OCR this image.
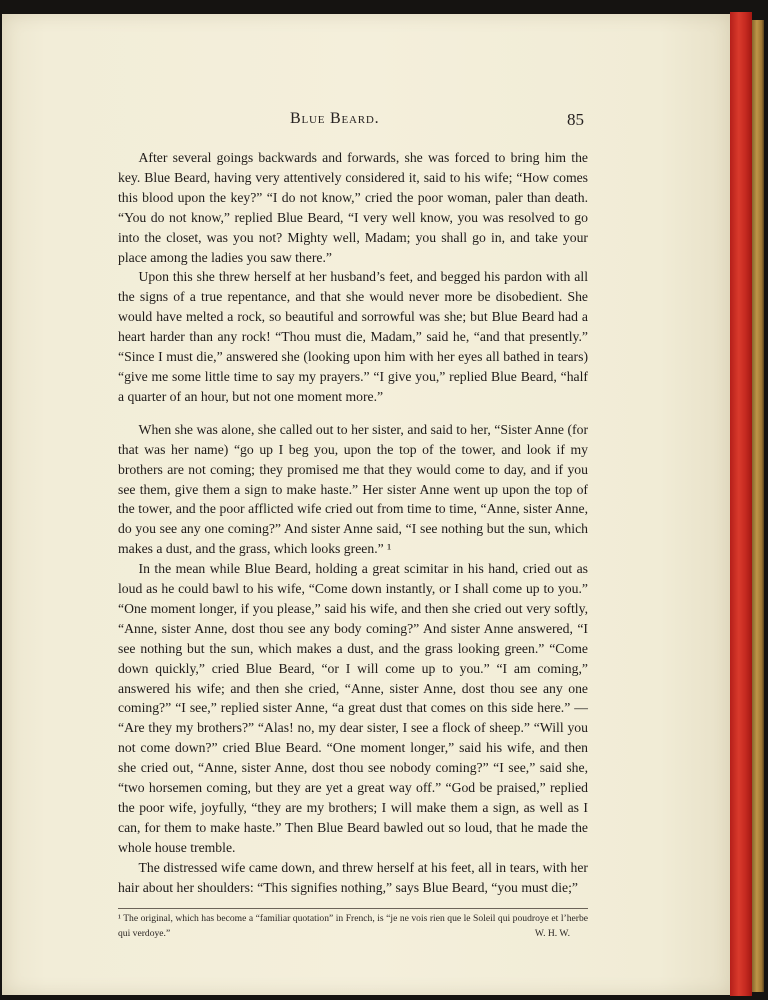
Blue Beard.	85

After several goings backwards and forwards, she was forced to bring him the key. Blue Beard, having very attentively considered it, said to his wife; “How comes this blood upon the key?” “I do not know,” cried the poor woman, paler than death. “You do not know,” replied Blue Beard, “I very well know, you was resolved to go into the closet, was you not? Mighty well, Madam; you shall go in, and take your place among the ladies you saw there.”

Upon this she threw herself at her husband’s feet, and begged his pardon with all the signs of a true repentance, and that she would never more be disobedient. She would have melted a rock, so beautiful and sorrowful was she; but Blue Beard had a heart harder than any rock! “Thou must die, Madam,” said he, “and that presently.” “Since I must die,” answered she (looking upon him with her eyes all bathed in tears) “give me some little time to say my prayers.” “I give you,” replied Blue Beard, “half a quarter of an hour, but not one moment more.”

When she was alone, she called out to her sister, and said to her, “Sister Anne (for that was her name) “go up I beg you, upon the top of the tower, and look if my brothers are not coming; they promised me that they would come to day, and if you see them, give them a sign to make haste.” Her sister Anne went up upon the top of the tower, and the poor afflicted wife cried out from time to time, “Anne, sister Anne, do you see any one coming?” And sister Anne said, “I see nothing but the sun, which makes a dust, and the grass, which looks green.” ¹

In the mean while Blue Beard, holding a great scimitar in his hand, cried out as loud as he could bawl to his wife, “Come down instantly, or I shall come up to you.” “One moment longer, if you please,” said his wife, and then she cried out very softly, “Anne, sister Anne, dost thou see any body coming?” And sister Anne answered, “I see nothing but the sun, which makes a dust, and the grass looking green.” “Come down quickly,” cried Blue Beard, “or I will come up to you.” “I am coming,” answered his wife; and then she cried, “Anne, sister Anne, dost thou see any one coming?” “I see,” replied sister Anne, “a great dust that comes on this side here.” — “Are they my brothers?” “Alas! no, my dear sister, I see a flock of sheep.” “Will you not come down?” cried Blue Beard. “One moment longer,” said his wife, and then she cried out, “Anne, sister Anne, dost thou see nobody coming?” “I see,” said she, “two horsemen coming, but they are yet a great way off.” “God be praised,” replied the poor wife, joyfully, “they are my brothers; I will make them a sign, as well as I can, for them to make haste.” Then Blue Beard bawled out so loud, that he made the whole house tremble.

The distressed wife came down, and threw herself at his feet, all in tears, with her hair about her shoulders: “This signifies nothing,” says Blue Beard, “you must die;”

¹ The original, which has become a “familiar quotation” in French, is “je ne vois rien que le Soleil qui poudroye et l’herbe qui verdoye.”	W. H. W.
